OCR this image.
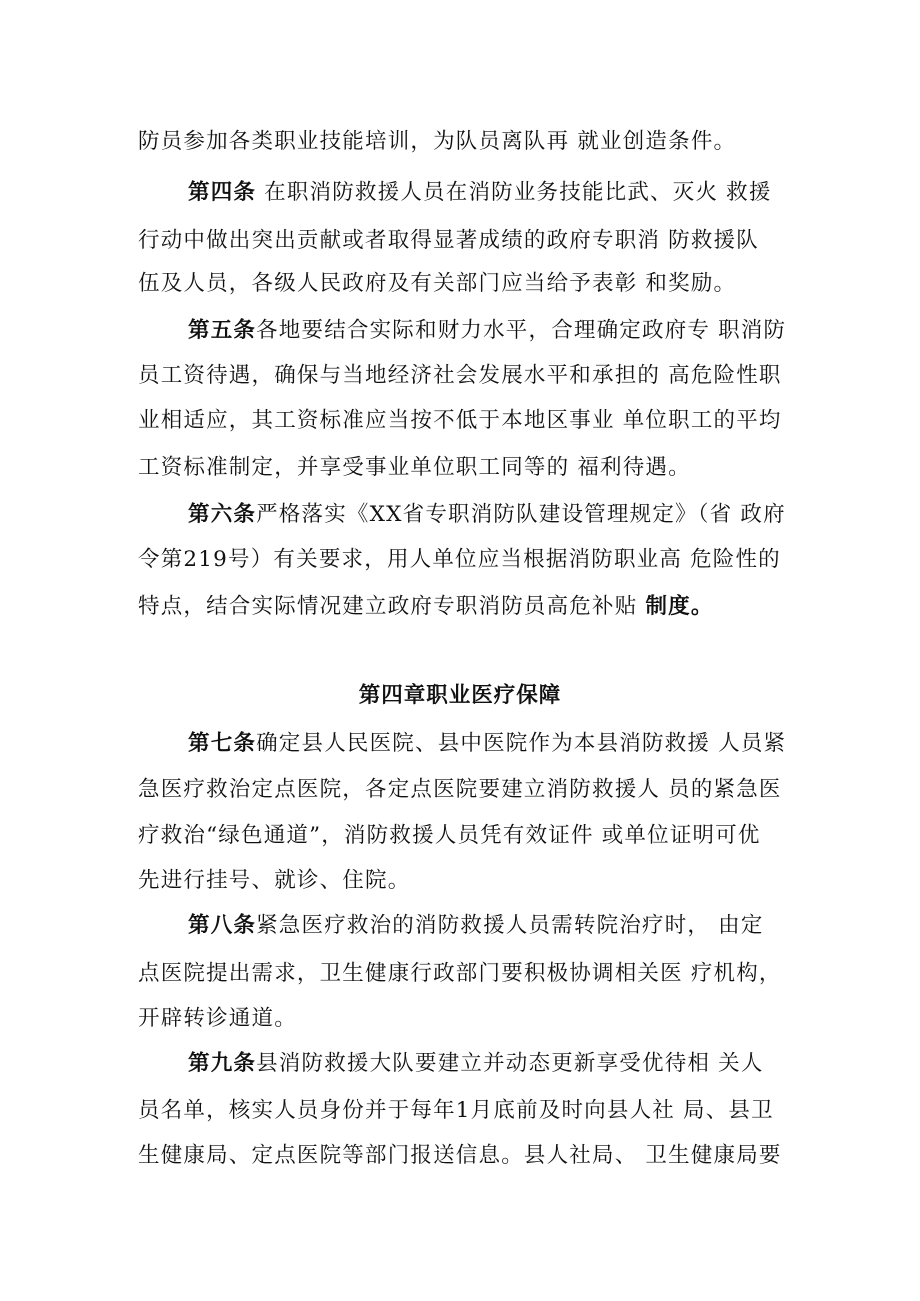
防员参加各类职业技能培训，为队员离队再 就业创造条件。
第四条 在职消防救援人员在消防业务技能比武、灭火 救援
行动中做出突出贡献或者取得显著成绩的政府专职消 防救援队
伍及人员，各级人民政府及有关部门应当给予表彰 和奖励。
第五条各地要结合实际和财力水平，合理确定政府专 职消防
员工资待遇，确保与当地经济社会发展水平和承担的 高危险性职
业相适应，其工资标准应当按不低于本地区事业 单位职工的平均
工资标准制定，并享受事业单位职工同等的 福利待遇。
第六条严格落实《XX省专职消防队建设管理规定》（省 政府
令第219号）有关要求，用人单位应当根据消防职业高 危险性的
特点，结合实际情况建立政府专职消防员高危补贴 制度。
第四章职业医疗保障
第七条确定县人民医院、县中医院作为本县消防救援 人员紧
急医疗救治定点医院，各定点医院要建立消防救援人 员的紧急医
疗救治“绿色通道”，消防救援人员凭有效证件 或单位证明可优
先进行挂号、就诊、住院。
第八条紧急医疗救治的消防救援人员需转院治疗时， 由定
点医院提出需求，卫生健康行政部门要积极协调相关医 疗机构，
开辟转诊通道。
第九条县消防救援大队要建立并动态更新享受优待相 关人
员名单，核实人员身份并于每年1月底前及时向县人社 局、县卫
生健康局、定点医院等部门报送信息。县人社局、 卫生健康局要
